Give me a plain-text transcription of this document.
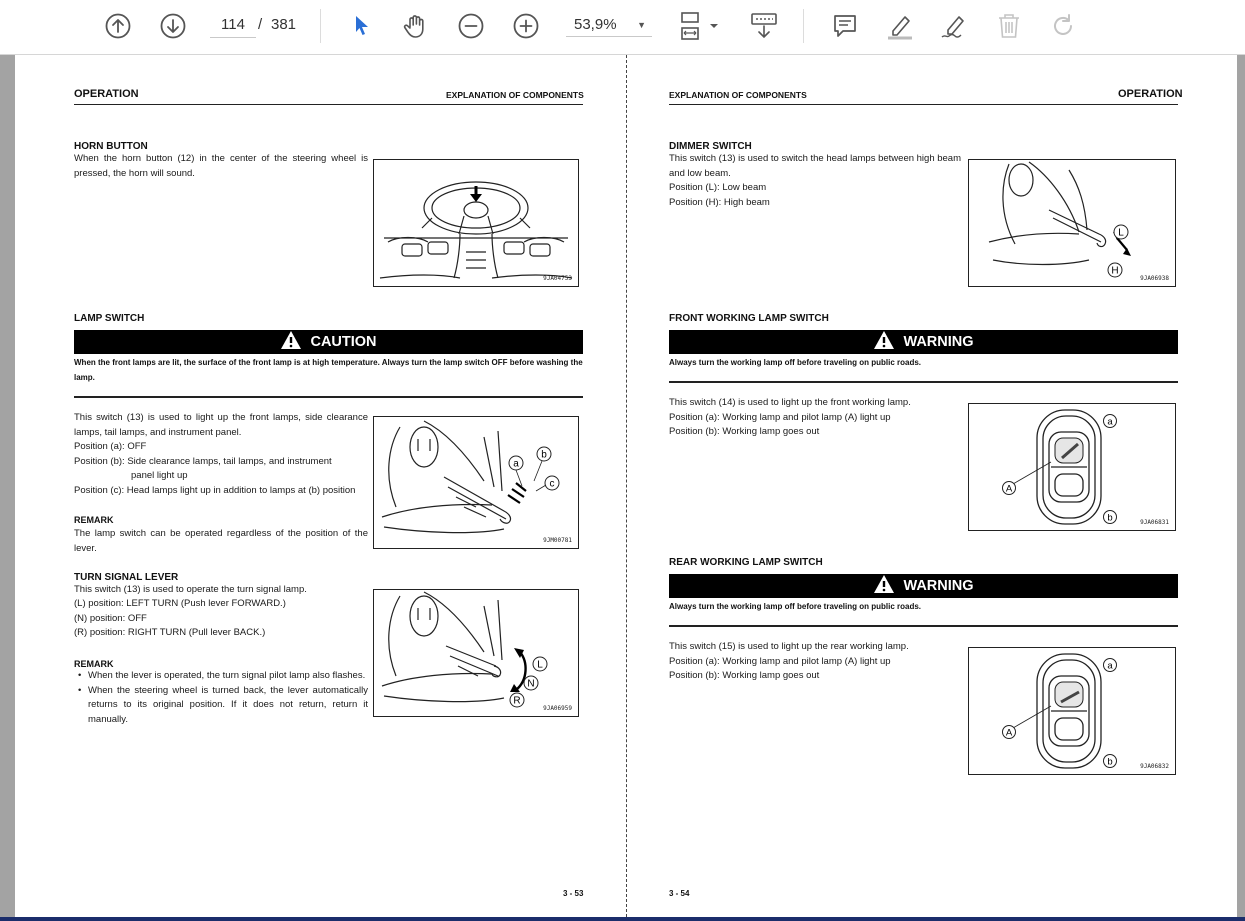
114 / 381	53,9% ▼
OPERATION	EXPLANATION OF COMPONENTS
HORN BUTTON
When the horn button (12) in the center of the steering wheel is pressed, the horn will sound.
9JA04753
LAMP SWITCH
CAUTION
When the front lamps are lit, the surface of the front lamp is at high temperature. Always turn the lamp switch OFF before washing the lamp.
This switch (13) is used to light up the front lamps, side clearance lamps, tail lamps, and instrument panel.
Position (a): OFF
Position (b): Side clearance lamps, tail lamps, and instrument
panel light up
Position (c): Head lamps light up in addition to lamps at (b) position
REMARK
The lamp switch can be operated regardless of the position of the lever.
a
b
c
9JM00781
TURN SIGNAL LEVER
This switch (13) is used to operate the turn signal lamp.
(L) position: LEFT TURN (Push lever FORWARD.)
(N) position: OFF
(R) position: RIGHT TURN (Pull lever BACK.)
REMARK
• When the lever is operated, the turn signal pilot lamp also flashes.
• When the steering wheel is turned back, the lever automatically returns to its original position. If it does not return, return it manually.
L
N
R
9JA06959
3 - 53
EXPLANATION OF COMPONENTS	OPERATION
DIMMER SWITCH
This switch (13) is used to switch the head lamps between high beam and low beam.
Position (L): Low beam
Position (H): High beam
L
H
9JA06938
FRONT WORKING LAMP SWITCH
WARNING
Always turn the working lamp off before traveling on public roads.
This switch (14) is used to light up the front working lamp.
Position (a): Working lamp and pilot lamp (A) light up
Position (b): Working lamp goes out
a
A
b	9JA06831
REAR WORKING LAMP SWITCH
WARNING
Always turn the working lamp off before traveling on public roads.
This switch (15) is used to light up the rear working lamp.
Position (a): Working lamp and pilot lamp (A) light up
Position (b): Working lamp goes out
a
A
b	9JA06832
3 - 54
